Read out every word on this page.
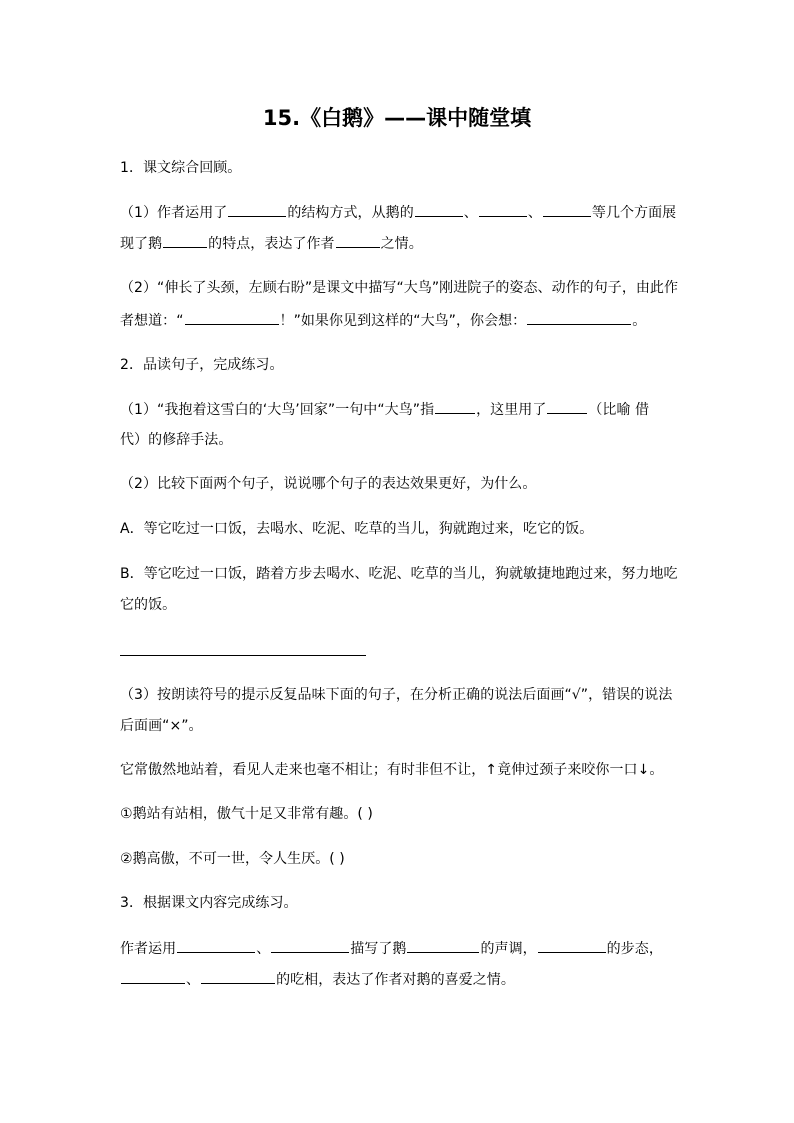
15.《白鹅》——课中随堂填
1．课文综合回顾。
（1）作者运用了	的结构方式，从鹅的	、	、	等几个方面展
现了鹅	的特点，表达了作者	之情。
（2）“伸长了头颈，左顾右盼”是课文中描写“大鸟”刚进院子的姿态、动作的句子，由此作
者想道：“	！”如果你见到这样的“大鸟”，你会想：	。
2．品读句子，完成练习。
（1）“我抱着这雪白的‘大鸟’回家”一句中“大鸟”指	，这里用了	（比喻 借
代）的修辞手法。
（2）比较下面两个句子，说说哪个句子的表达效果更好，为什么。
A．等它吃过一口饭，去喝水、吃泥、吃草的当儿，狗就跑过来，吃它的饭。
B．等它吃过一口饭，踏着方步去喝水、吃泥、吃草的当儿，狗就敏捷地跑过来，努力地吃
它的饭。
（3）按朗读符号的提示反复品味下面的句子，在分析正确的说法后面画“√”，错误的说法
后面画“×”。
它常傲然地站着，看见人走来也毫不相让；有时非但不让，↑竟伸过颈子来咬你一口↓。
①鹅站有站相，傲气十足又非常有趣。( )
②鹅高傲，不可一世，令人生厌。( )
3．根据课文内容完成练习。
作者运用	、	描写了鹅	的声调，	的步态，
、	的吃相，表达了作者对鹅的喜爱之情。
